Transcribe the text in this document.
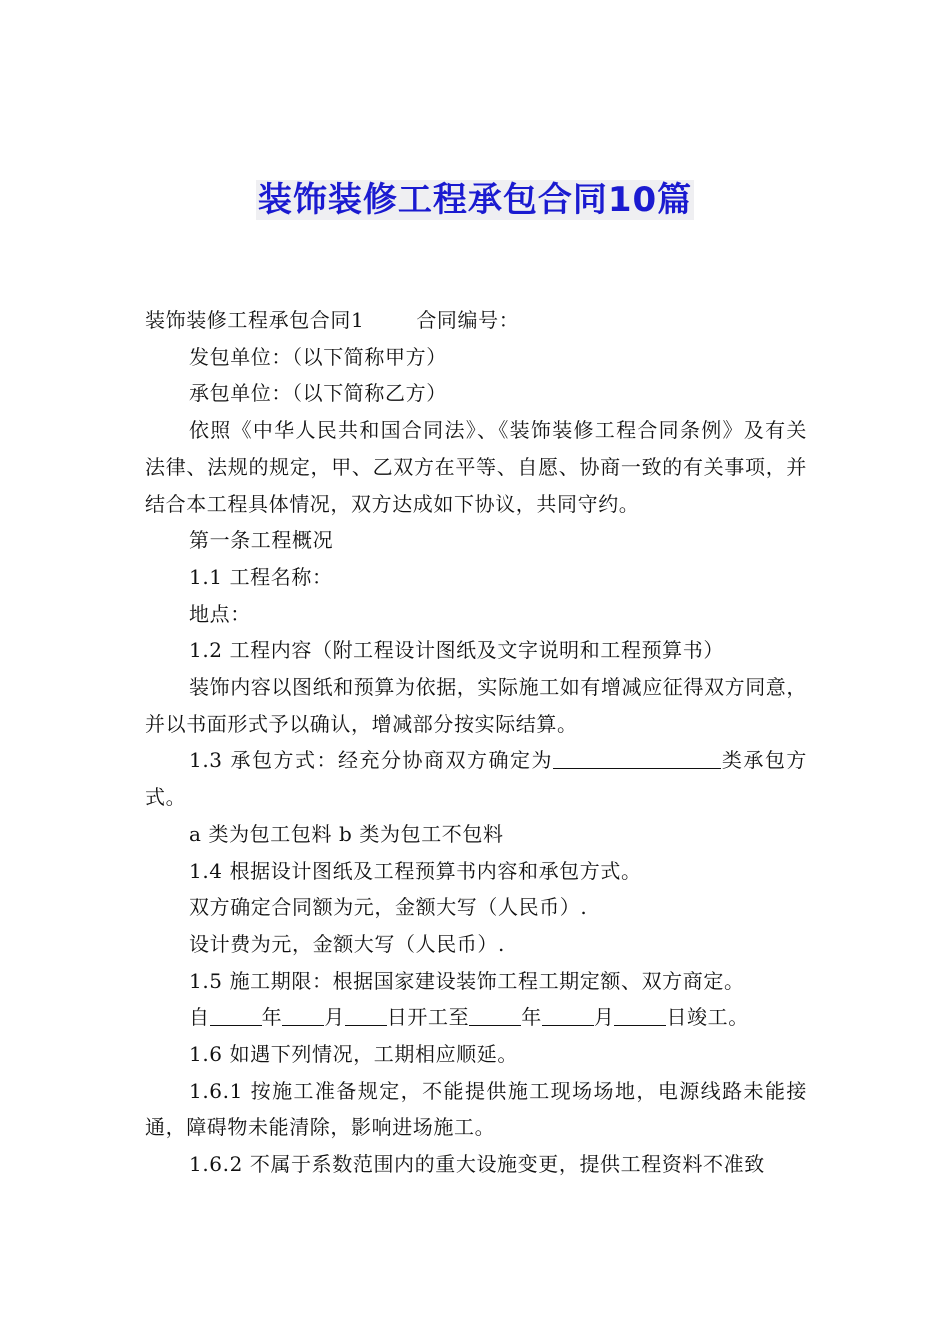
装饰装修工程承包合同10篇

装饰装修工程承包合同1	合同编号：

发包单位：（以下简称甲方）

承包单位：（以下简称乙方）

依照《中华人民共和国合同法》、《装饰装修工程合同条例》及有关法律、法规的规定，甲、乙双方在平等、自愿、协商一致的有关事项，并结合本工程具体情况，双方达成如下协议，共同守约。

第一条工程概况

1.1 工程名称：

地点：

1.2 工程内容（附工程设计图纸及文字说明和工程预算书）

装饰内容以图纸和预算为依据，实际施工如有增减应征得双方同意，并以书面形式予以确认，增减部分按实际结算。

1.3 承包方式：经充分协商双方确定为	类承包方式。

a 类为包工包料 b 类为包工不包料

1.4 根据设计图纸及工程预算书内容和承包方式。

双方确定合同额为元，金额大写（人民币）.

设计费为元，金额大写（人民币）.

1.5 施工期限：根据国家建设装饰工程工期定额、双方商定。

自	年 月 日开工至	年	月	日竣工。

1.6 如遇下列情况，工期相应顺延。

1.6.1 按施工准备规定，不能提供施工现场场地，电源线路未能接通，障碍物未能清除，影响进场施工。

1.6.2 不属于系数范围内的重大设施变更，提供工程资料不准致
